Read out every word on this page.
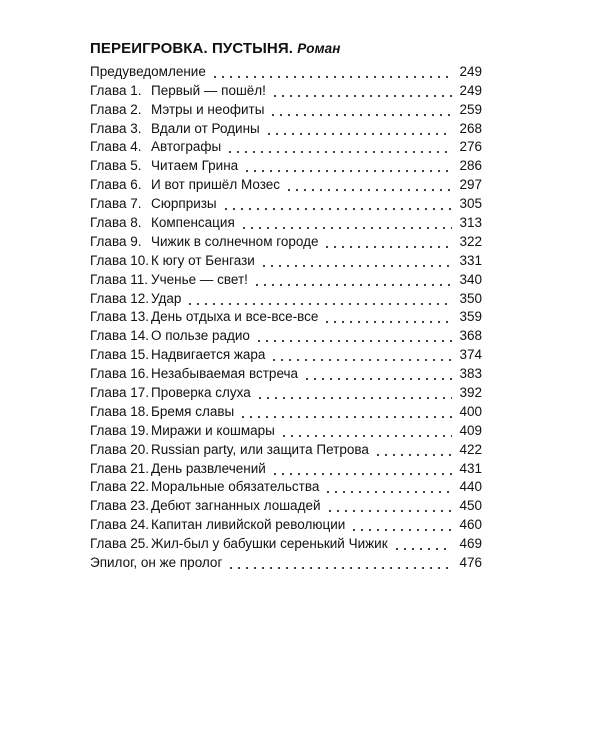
ПЕРЕИГРОВКА. ПУСТЫНЯ. Роман
Предуведомление	249
Глава 1. Первый — пошёл!	249
Глава 2. Мэтры и неофиты	259
Глава 3. Вдали от Родины	268
Глава 4. Автографы	276
Глава 5. Читаем Грина	286
Глава 6. И вот пришёл Мозес	297
Глава 7. Сюрпризы	305
Глава 8. Компенсация	313
Глава 9. Чижик в солнечном городе	322
Глава 10. К югу от Бенгази	331
Глава 11. Ученье — свет!	340
Глава 12. Удар	350
Глава 13. День отдыха и все-все-все	359
Глава 14. О пользе радио	368
Глава 15. Надвигается жара	374
Глава 16. Незабываемая встреча	383
Глава 17. Проверка слуха	392
Глава 18. Бремя славы	400
Глава 19. Миражи и кошмары	409
Глава 20. Russian party, или защита Петрова	422
Глава 21. День развлечений	431
Глава 22. Моральные обязательства	440
Глава 23. Дебют загнанных лошадей	450
Глава 24. Капитан ливийской революции	460
Глава 25. Жил-был у бабушки серенький Чижик	469
Эпилог, он же пролог	476
